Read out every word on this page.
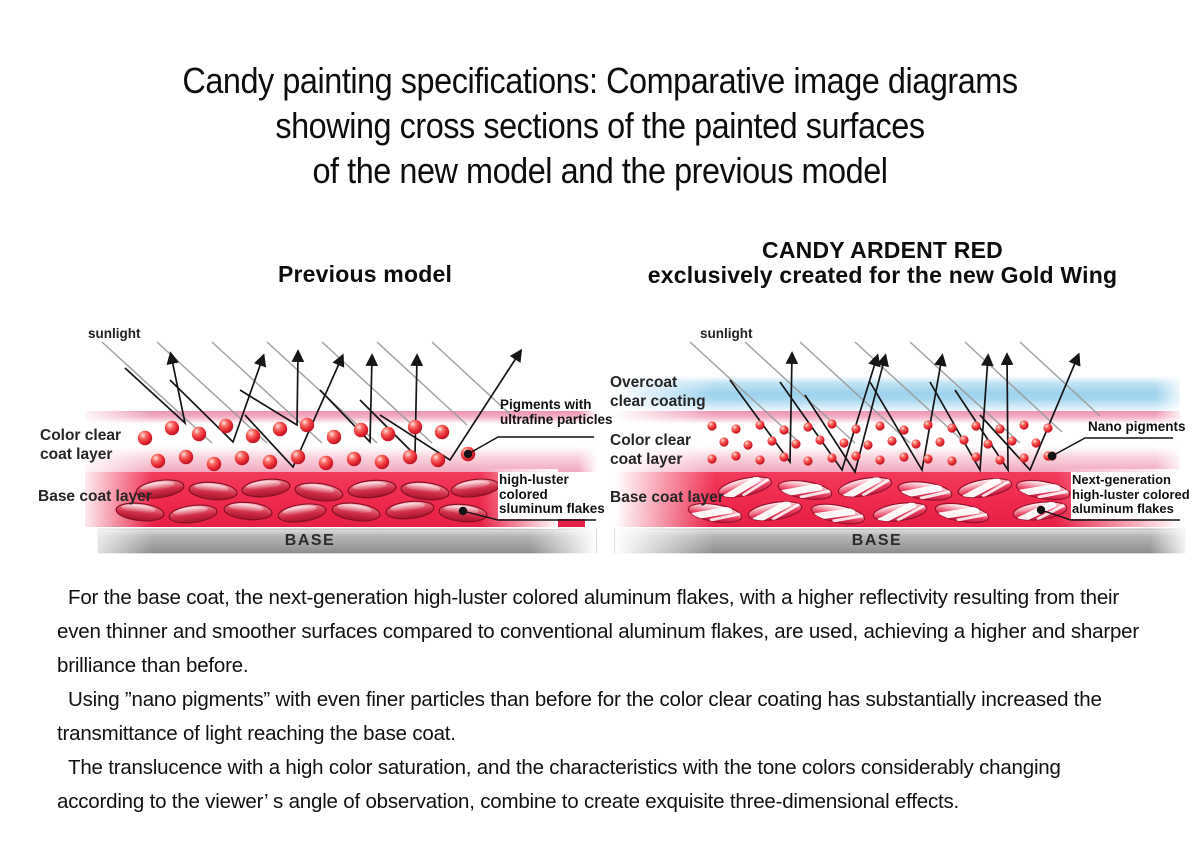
Candy painting specifications: Comparative image diagrams
showing cross sections of the painted surfaces
of the new model and the previous model
Previous model
CANDY ARDENT RED
exclusively created for the new Gold Wing
sunlight
Color clear
coat layer
Base coat layer
Pigments with
ultrafine particles
high-luster
colored
sluminum flakes
BASE
sunlight
Overcoat
clear coating
Color clear
coat layer
Base coat layer
Nano pigments
Next-generation
high-luster colored
aluminum flakes
BASE

For the base coat, the next-generation high-luster colored aluminum flakes, with a higher reflectivity resulting from their even thinner and smoother surfaces compared to conventional aluminum flakes, are used, achieving a higher and sharper brilliance than before.

Using ”nano pigments” with even finer particles than before for the color clear coating has substantially increased the transmittance of light reaching the base coat.

The translucence with a high color saturation, and the characteristics with the tone colors considerably changing according to the viewer’ s angle of observation, combine to create exquisite three-dimensional effects.
